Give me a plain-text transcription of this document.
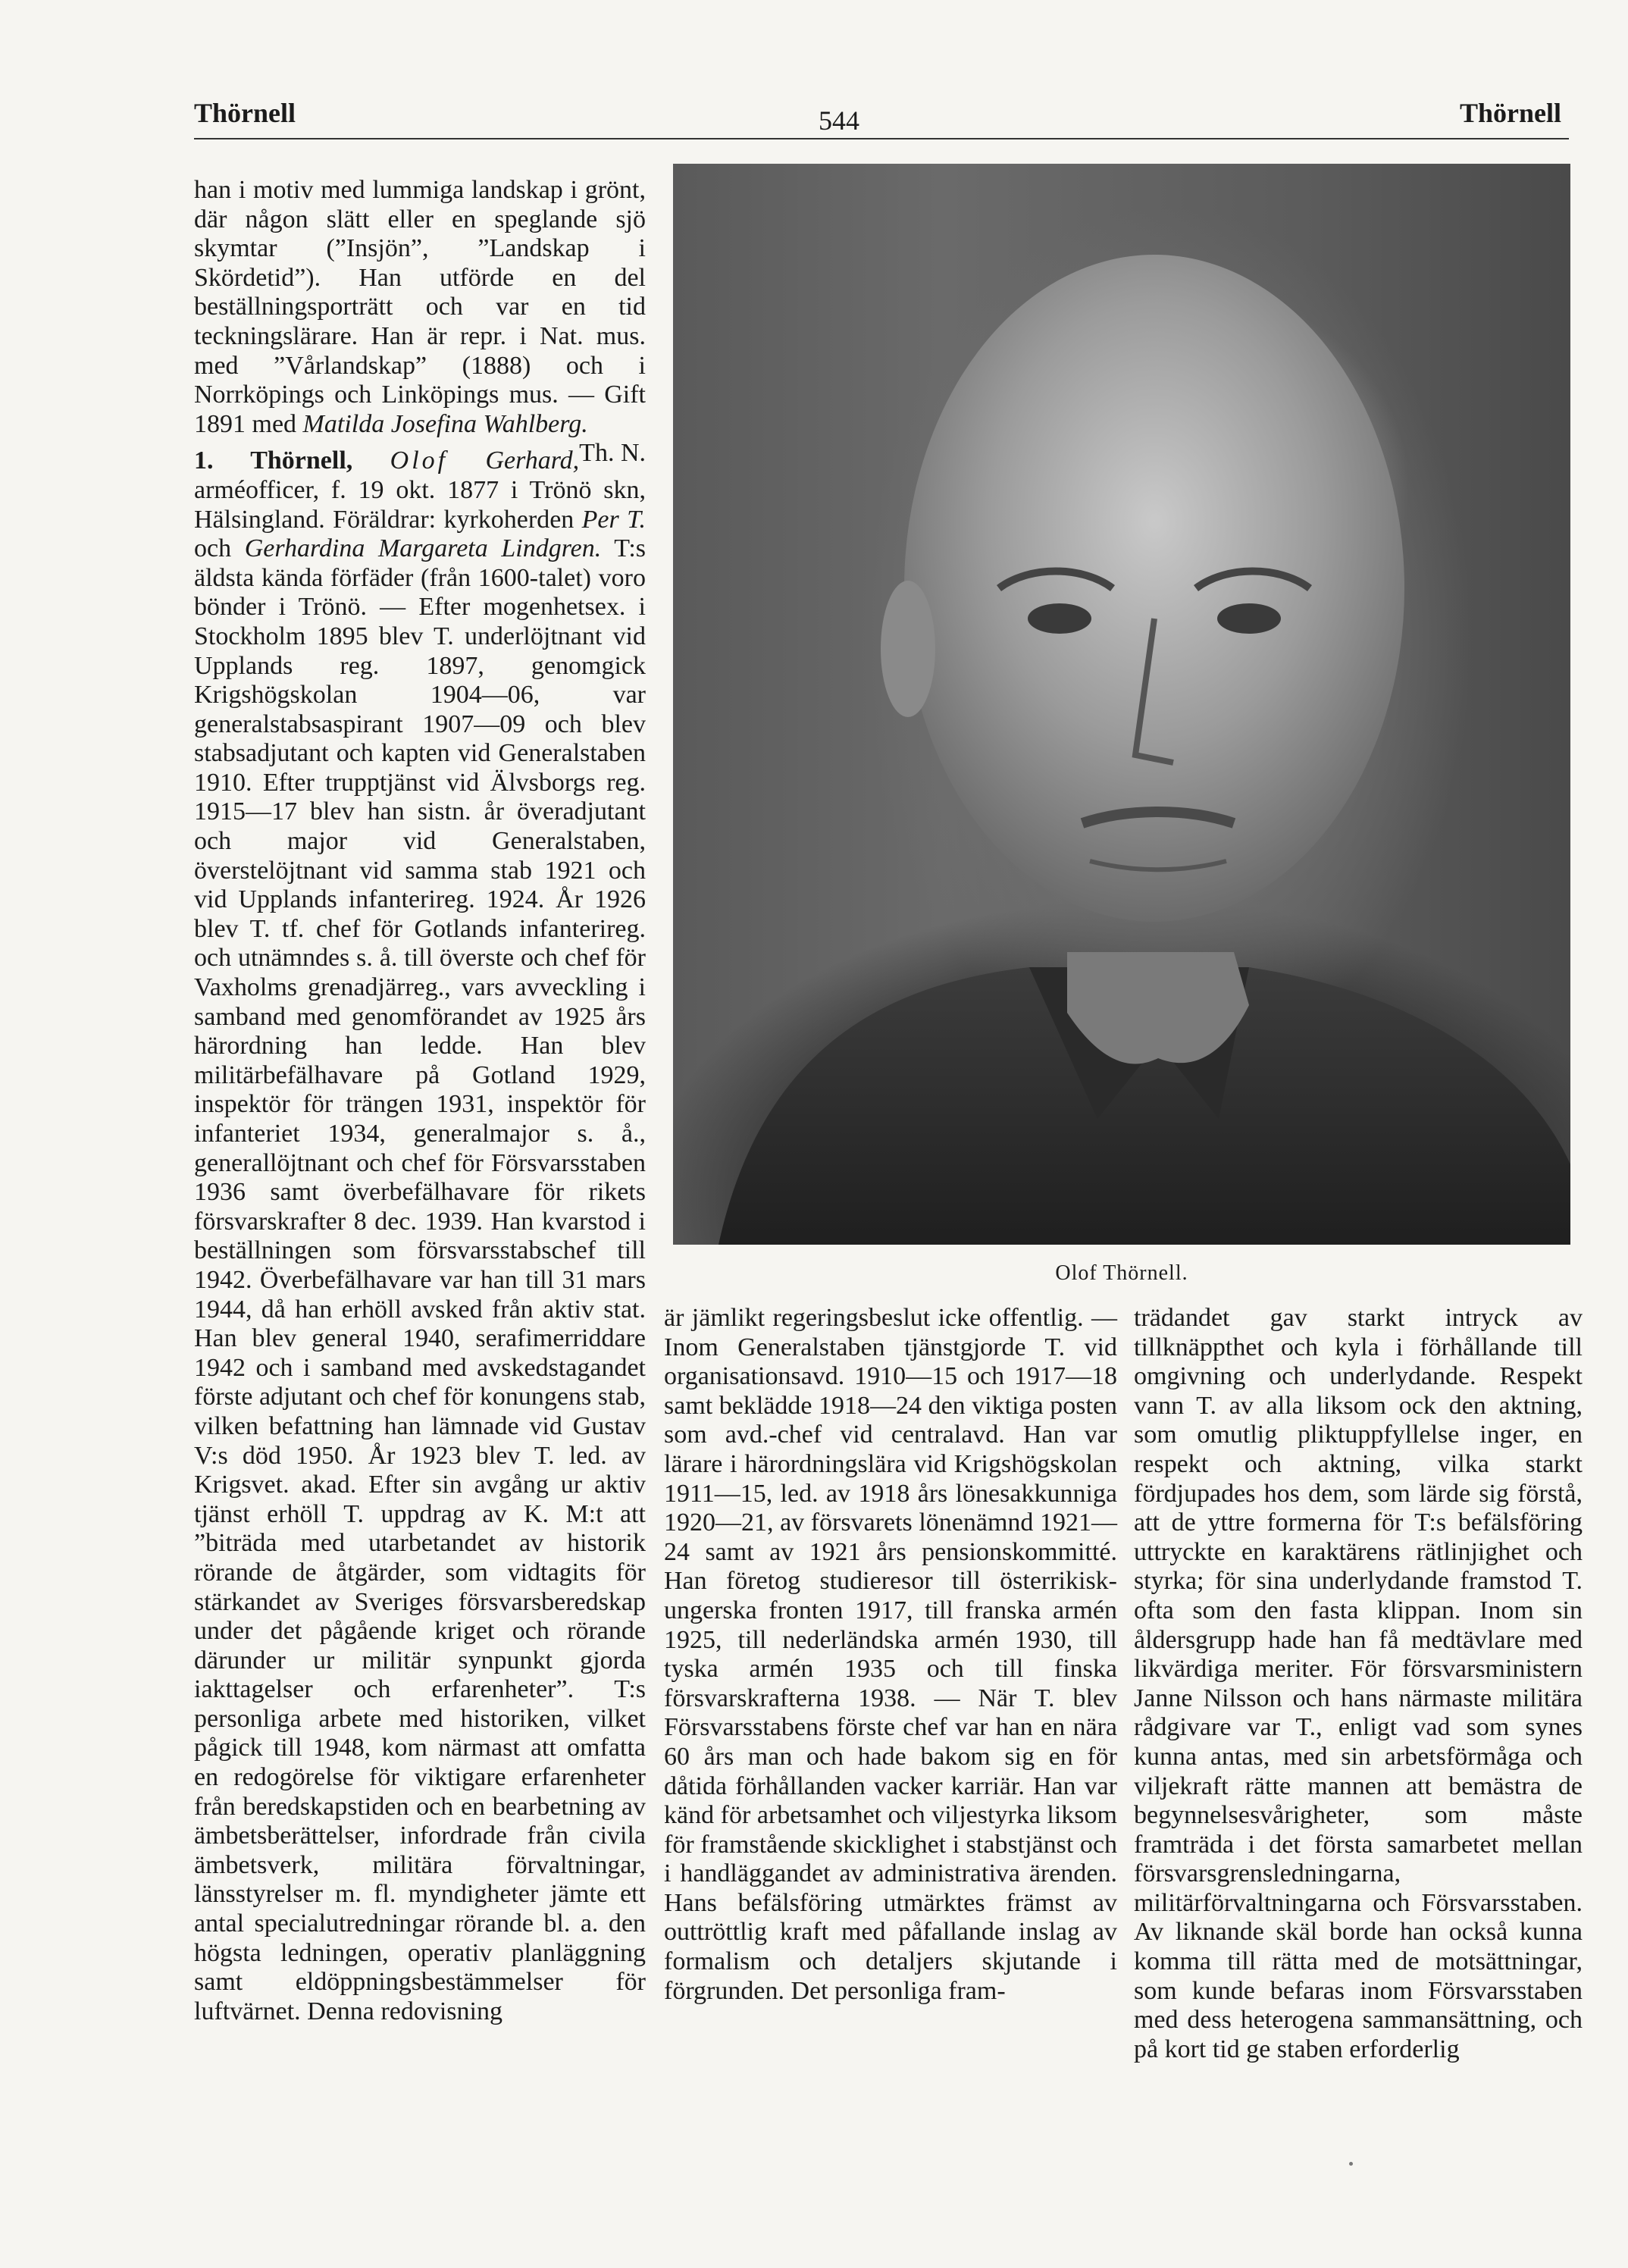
Thörnell	544	Thörnell

han i motiv med lummiga landskap i grönt, där någon slätt eller en speglande sjö skymtar (”Insjön”, ”Landskap i Skördetid”). Han utförde en del beställningsporträtt och var en tid teckningslärare. Han är repr. i Nat. mus. med ”Vårlandskap” (1888) och i Norrköpings och Linköpings mus. — Gift 1891 med Matilda Josefina Wahlberg.
Th. N.

1. Thörnell, Olof Gerhard, arméofficer, f. 19 okt. 1877 i Trönö skn, Hälsingland. Föräldrar: kyrkoherden Per T. och Gerhardina Margareta Lindgren. T:s äldsta kända förfäder (från 1600-talet) voro bönder i Trönö. — Efter mogenhetsex. i Stockholm 1895 blev T. underlöjtnant vid Upplands reg. 1897, genomgick Krigshögskolan 1904—06, var generalstabsaspirant 1907—09 och blev stabsadjutant och kapten vid Generalstaben 1910. Efter trupptjänst vid Älvsborgs reg. 1915—17 blev han sistn. år överadjutant och major vid Generalstaben, överstelöjtnant vid samma stab 1921 och vid Upplands infanterireg. 1924. År 1926 blev T. tf. chef för Gotlands infanterireg. och utnämndes s. å. till överste och chef för Vaxholms grenadjärreg., vars avveckling i samband med genomförandet av 1925 års härordning han ledde. Han blev militärbefälhavare på Gotland 1929, inspektör för trängen 1931, inspektör för infanteriet 1934, generalmajor s. å., generallöjtnant och chef för Försvarsstaben 1936 samt överbefälhavare för rikets försvarskrafter 8 dec. 1939. Han kvarstod i beställningen som försvarsstabschef till 1942. Överbefälhavare var han till 31 mars 1944, då han erhöll avsked från aktiv stat. Han blev general 1940, serafimerriddare 1942 och i samband med avskedstagandet förste adjutant och chef för konungens stab, vilken befattning han lämnade vid Gustav V:s död 1950. År 1923 blev T. led. av Krigsvet. akad. Efter sin avgång ur aktiv tjänst erhöll T. uppdrag av K. M:t att ”biträda med utarbetandet av historik rörande de åtgärder, som vidtagits för stärkandet av Sveriges försvarsberedskap under det pågående kriget och rörande därunder ur militär synpunkt gjorda iakttagelser och erfarenheter”. T:s personliga arbete med historiken, vilket pågick till 1948, kom närmast att omfatta en redogörelse för viktigare erfarenheter från beredskapstiden och en bearbetning av ämbetsberättelser, infordrade från civila ämbetsverk, militära förvaltningar, länsstyrelser m. fl. myndigheter jämte ett antal specialutredningar rörande bl. a. den högsta ledningen, operativ planläggning samt eldöppningsbestämmelser för luftvärnet. Denna redovisning

Olof Thörnell.

är jämlikt regeringsbeslut icke offentlig. — Inom Generalstaben tjänstgjorde T. vid organisationsavd. 1910—15 och 1917—18 samt beklädde 1918—24 den viktiga posten som avd.-chef vid centralavd. Han var lärare i härordningslära vid Krigshögskolan 1911—15, led. av 1918 års lönesakkunniga 1920—21, av försvarets lönenämnd 1921—24 samt av 1921 års pensionskommitté. Han företog studieresor till österrikisk-ungerska fronten 1917, till franska armén 1925, till nederländska armén 1930, till tyska armén 1935 och till finska försvarskrafterna 1938. — När T. blev Försvarsstabens förste chef var han en nära 60 års man och hade bakom sig en för dåtida förhållanden vacker karriär. Han var känd för arbetsamhet och viljestyrka liksom för framstående skicklighet i stabstjänst och i handläggandet av administrativa ärenden. Hans befälsföring utmärktes främst av outtröttlig kraft med påfallande inslag av formalism och detaljers skjutande i förgrunden. Det personliga fram-

trädandet gav starkt intryck av tillknäppthet och kyla i förhållande till omgivning och underlydande. Respekt vann T. av alla liksom ock den aktning, som omutlig pliktuppfyllelse inger, en respekt och aktning, vilka starkt fördjupades hos dem, som lärde sig förstå, att de yttre formerna för T:s befälsföring uttryckte en karaktärens rätlinjighet och styrka; för sina underlydande framstod T. ofta som den fasta klippan. Inom sin åldersgrupp hade han få medtävlare med likvärdiga meriter. För försvarsministern Janne Nilsson och hans närmaste militära rådgivare var T., enligt vad som synes kunna antas, med sin arbetsförmåga och viljekraft rätte mannen att bemästra de begynnelsesvårigheter, som måste framträda i det första samarbetet mellan försvarsgrensledningarna, militärförvaltningarna och Försvarsstaben. Av liknande skäl borde han också kunna komma till rätta med de motsättningar, som kunde befaras inom Försvarsstaben med dess heterogena sammansättning, och på kort tid ge staben erforderlig
